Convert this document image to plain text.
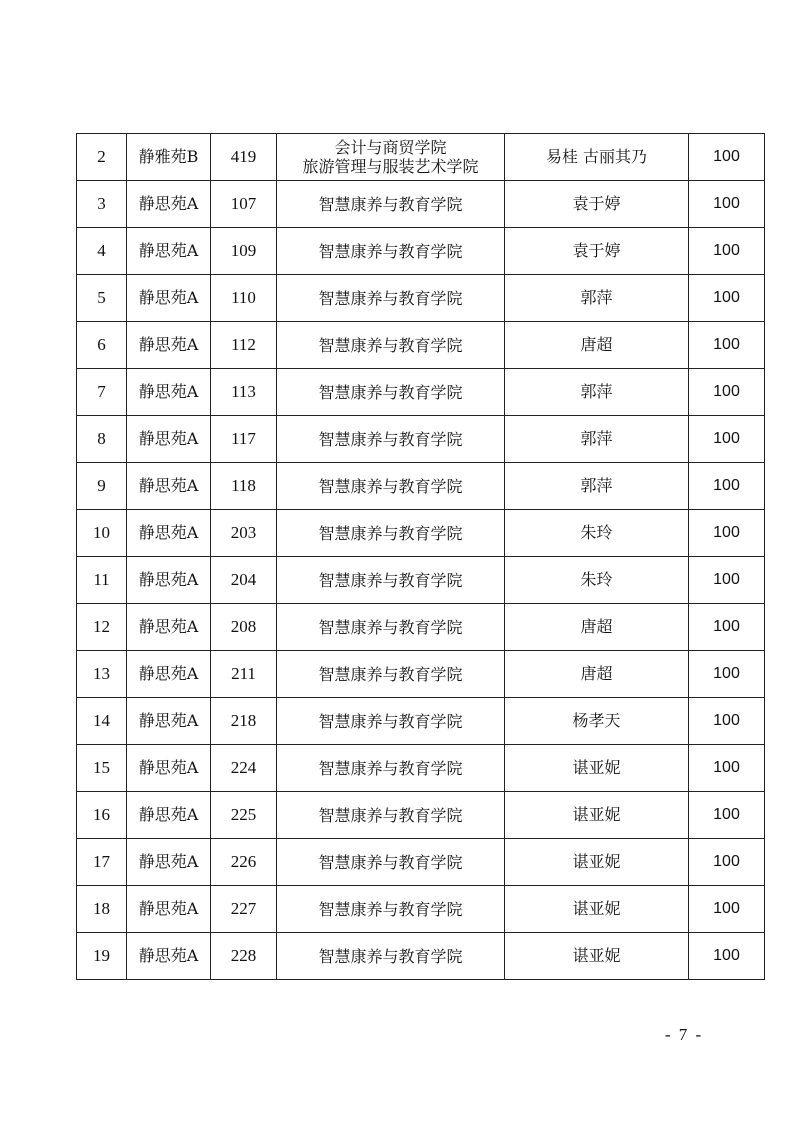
2	静雅苑B	419	会计与商贸学院
旅游管理与服装艺术学院	易桂 古丽其乃	100
3	静思苑A	107	智慧康养与教育学院	袁于婷	100
4	静思苑A	109	智慧康养与教育学院	袁于婷	100
5	静思苑A	110	智慧康养与教育学院	郭萍	100
6	静思苑A	112	智慧康养与教育学院	唐超	100
7	静思苑A	113	智慧康养与教育学院	郭萍	100
8	静思苑A	117	智慧康养与教育学院	郭萍	100
9	静思苑A	118	智慧康养与教育学院	郭萍	100
10	静思苑A	203	智慧康养与教育学院	朱玲	100
11	静思苑A	204	智慧康养与教育学院	朱玲	100
12	静思苑A	208	智慧康养与教育学院	唐超	100
13	静思苑A	211	智慧康养与教育学院	唐超	100
14	静思苑A	218	智慧康养与教育学院	杨孝天	100
15	静思苑A	224	智慧康养与教育学院	谌亚妮	100
16	静思苑A	225	智慧康养与教育学院	谌亚妮	100
17	静思苑A	226	智慧康养与教育学院	谌亚妮	100
18	静思苑A	227	智慧康养与教育学院	谌亚妮	100
19	静思苑A	228	智慧康养与教育学院	谌亚妮	100
- 7 -
